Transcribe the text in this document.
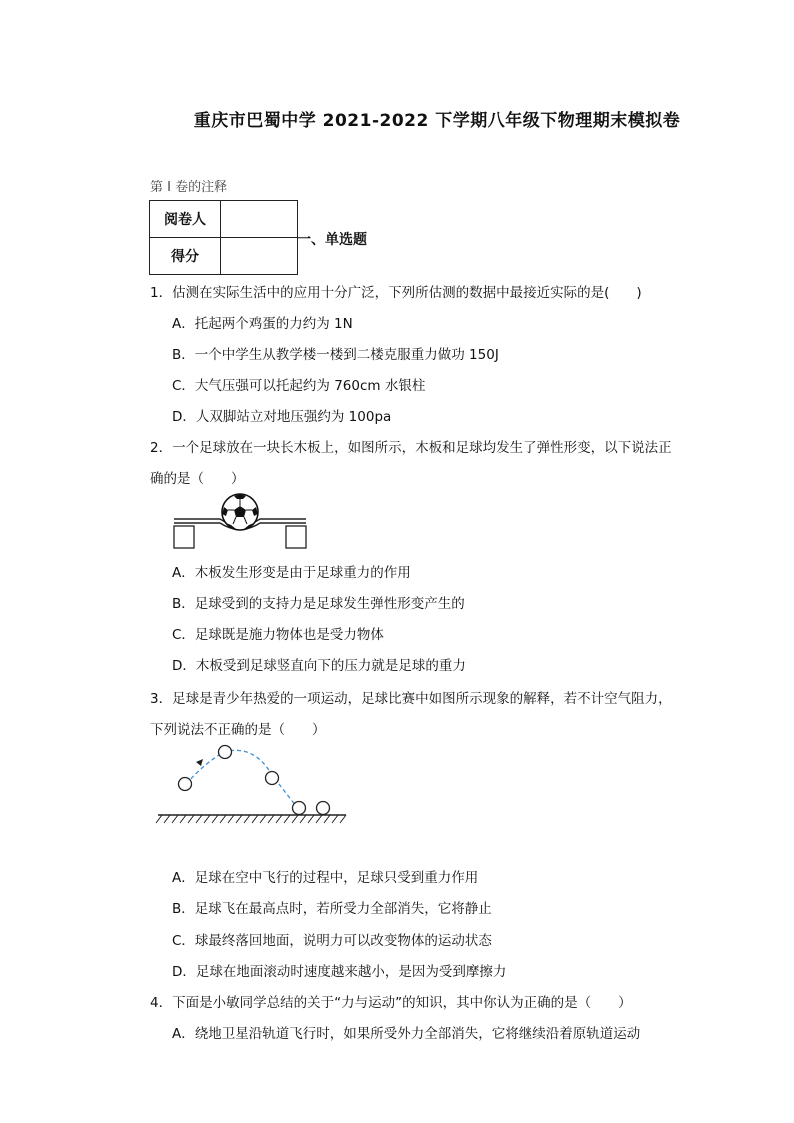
重庆市巴蜀中学 2021-2022 下学期八年级下物理期末模拟卷
第 I 卷的注释
阅卷人	
得分	
一、单选题
1．估测在实际生活中的应用十分广泛，下列所估测的数据中最接近实际的是(　　)
A．托起两个鸡蛋的力约为 1N
B．一个中学生从教学楼一楼到二楼克服重力做功 150J
C．大气压强可以托起约为 760cm 水银柱
D．人双脚站立对地压强约为 100pa
2．一个足球放在一块长木板上，如图所示，木板和足球均发生了弹性形变，以下说法正
确的是（　　）
A．木板发生形变是由于足球重力的作用
B．足球受到的支持力是足球发生弹性形变产生的
C．足球既是施力物体也是受力物体
D．木板受到足球竖直向下的压力就是足球的重力
3．足球是青少年热爱的一项运动，足球比赛中如图所示现象的解释，若不计空气阻力，
下列说法不正确的是（　　）
A．足球在空中飞行的过程中，足球只受到重力作用
B．足球飞在最高点时，若所受力全部消失，它将静止
C．球最终落回地面，说明力可以改变物体的运动状态
D．足球在地面滚动时速度越来越小，是因为受到摩擦力
4．下面是小敏同学总结的关于“力与运动”的知识，其中你认为正确的是（　　）
A．绕地卫星沿轨道飞行时，如果所受外力全部消失，它将继续沿着原轨道运动
